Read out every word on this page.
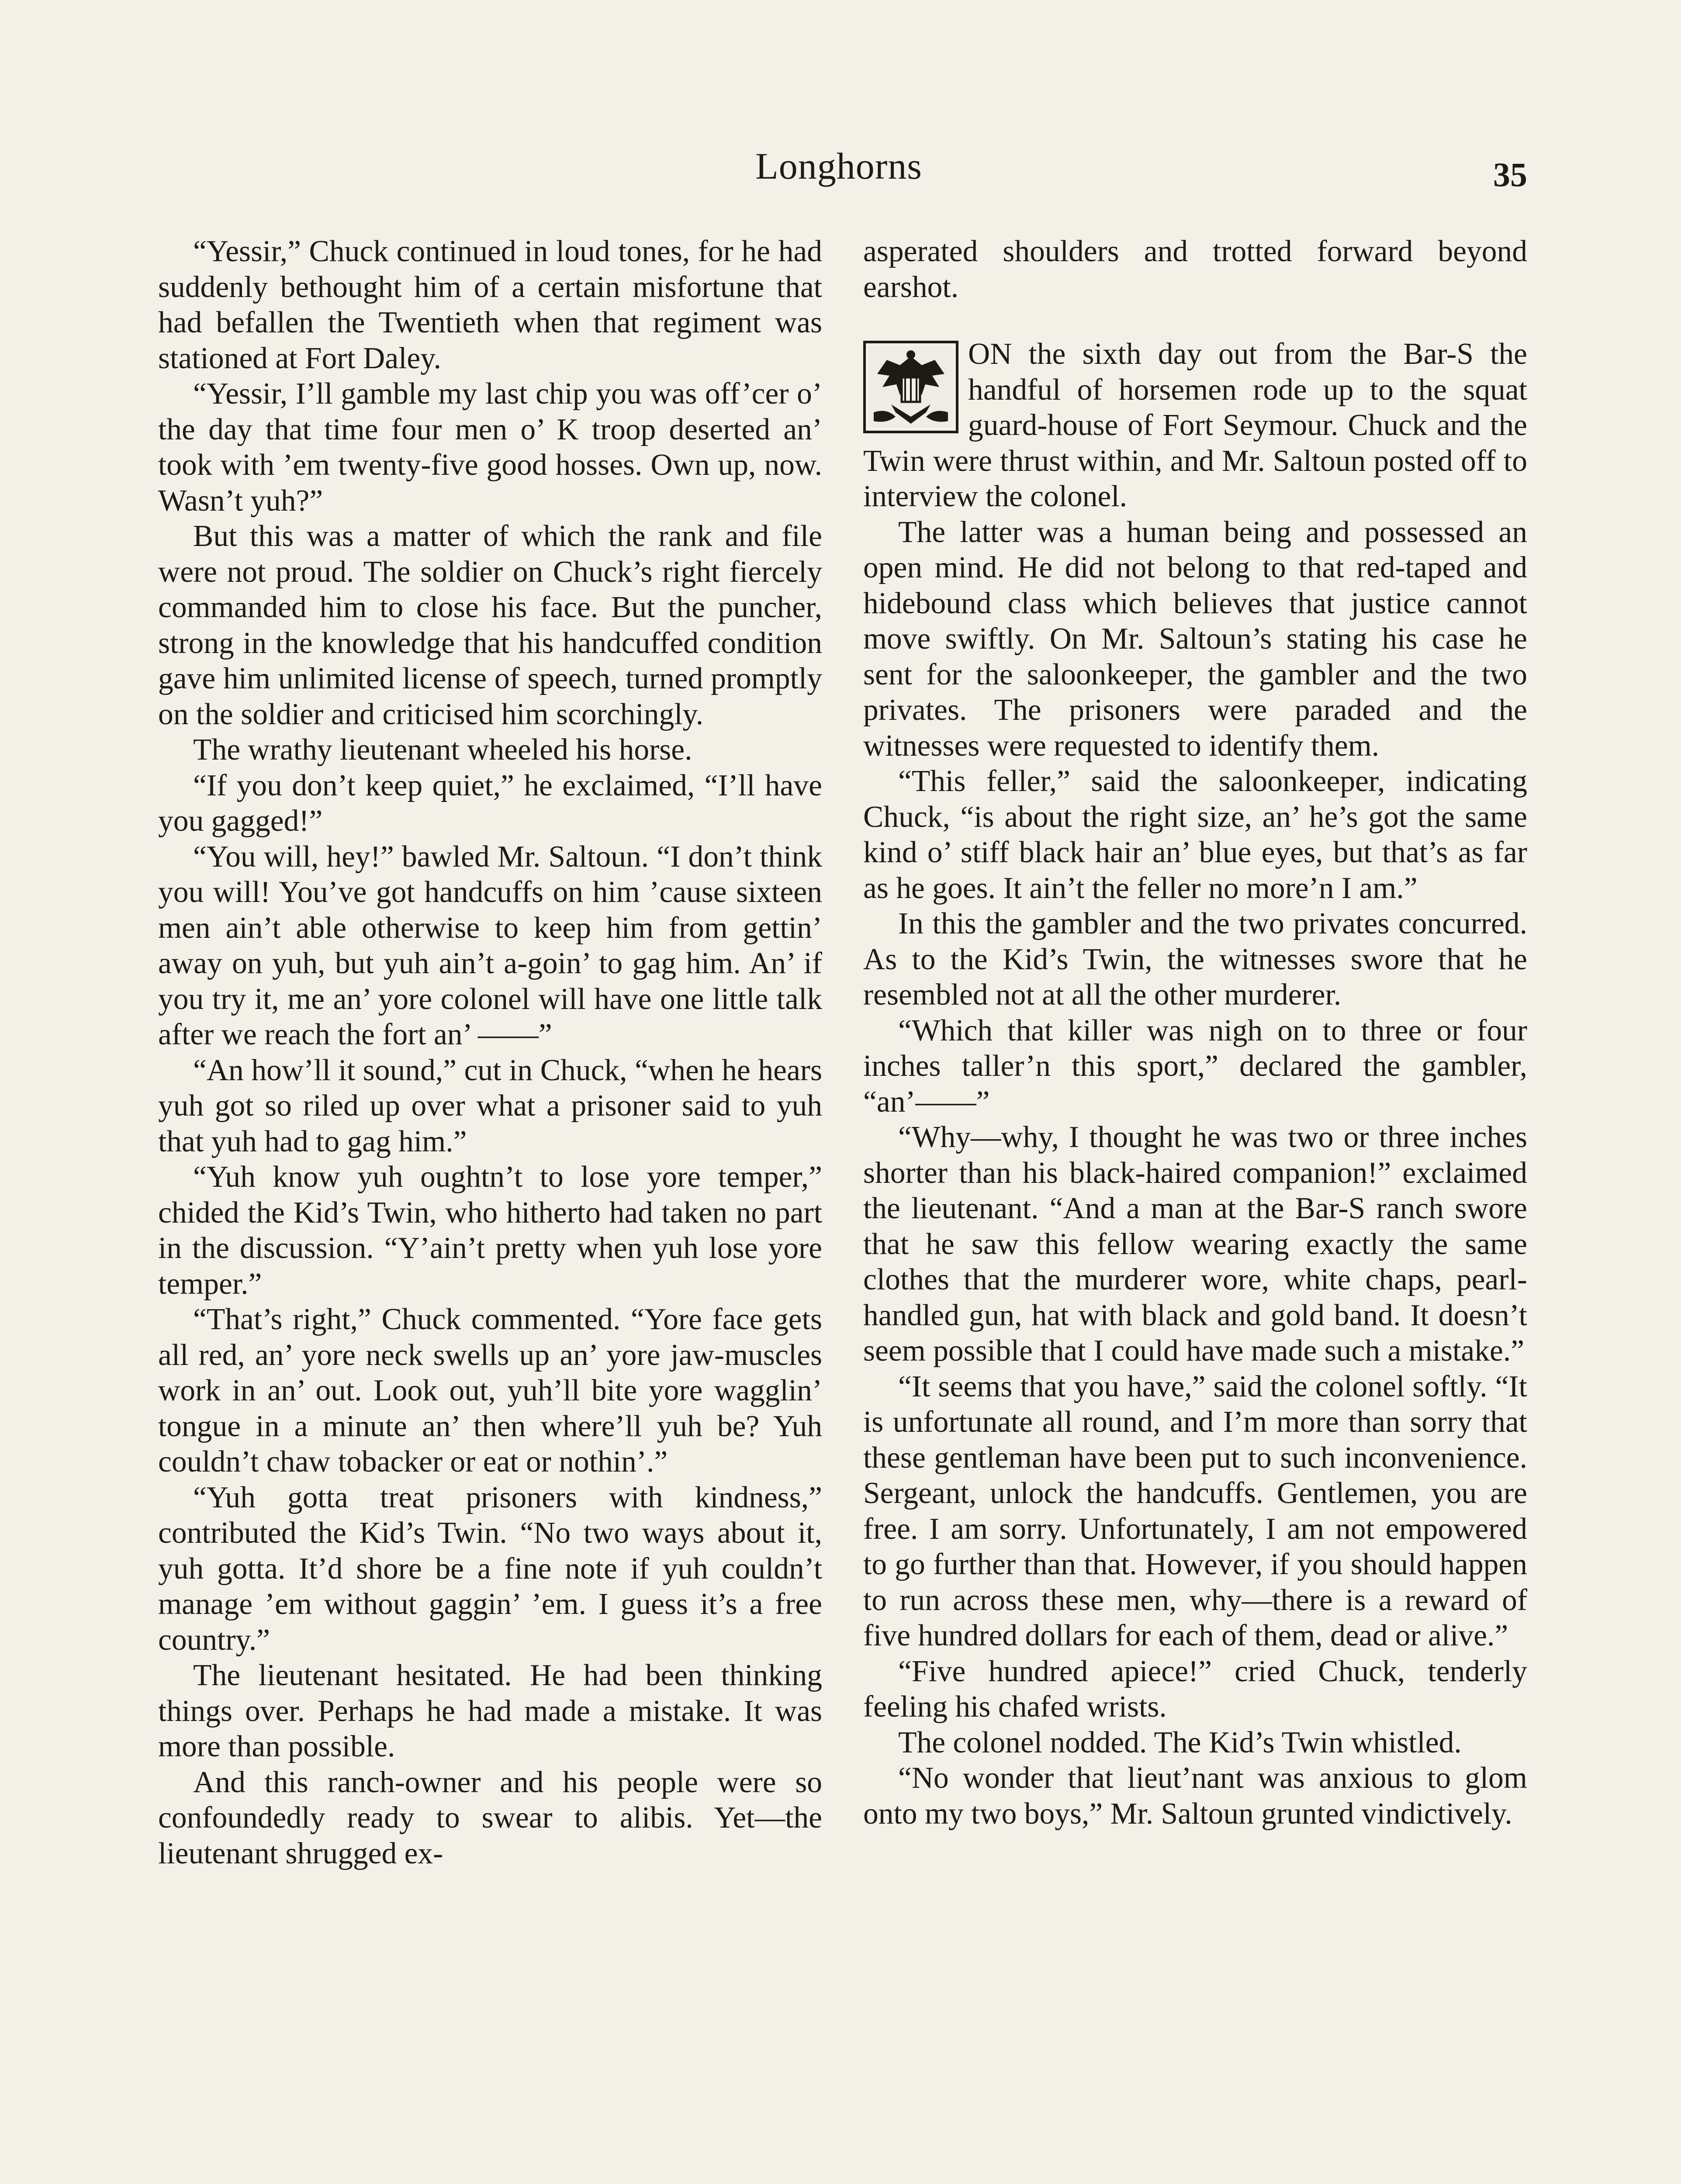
Longhorns	35

“Yessir,” Chuck continued in loud tones, for he had suddenly bethought him of a certain misfortune that had befallen the Twentieth when that regiment was stationed at Fort Daley.

“Yessir, I’ll gamble my last chip you was off’cer o’ the day that time four men o’ K troop deserted an’ took with ’em twenty-five good hosses. Own up, now. Wasn’t yuh?”

But this was a matter of which the rank and file were not proud. The soldier on Chuck’s right fiercely commanded him to close his face. But the puncher, strong in the knowledge that his handcuffed condition gave him unlimited license of speech, turned promptly on the soldier and criticised him scorchingly.

The wrathy lieutenant wheeled his horse.

“If you don’t keep quiet,” he exclaimed, “I’ll have you gagged!”

“You will, hey!” bawled Mr. Saltoun. “I don’t think you will! You’ve got handcuffs on him ’cause sixteen men ain’t able otherwise to keep him from gettin’ away on yuh, but yuh ain’t a-goin’ to gag him. An’ if you try it, me an’ yore colonel will have one little talk after we reach the fort an’ ——”

“An how’ll it sound,” cut in Chuck, “when he hears yuh got so riled up over what a prisoner said to yuh that yuh had to gag him.”

“Yuh know yuh oughtn’t to lose yore temper,” chided the Kid’s Twin, who hitherto had taken no part in the discussion. “Y’ain’t pretty when yuh lose yore temper.”

“That’s right,” Chuck commented. “Yore face gets all red, an’ yore neck swells up an’ yore jaw-muscles work in an’ out. Look out, yuh’ll bite yore wagglin’ tongue in a minute an’ then where’ll yuh be? Yuh couldn’t chaw tobacker or eat or nothin’.”

“Yuh gotta treat prisoners with kindness,” contributed the Kid’s Twin. “No two ways about it, yuh gotta. It’d shore be a fine note if yuh couldn’t manage ’em without gaggin’ ’em. I guess it’s a free country.”

The lieutenant hesitated. He had been thinking things over. Perhaps he had made a mistake. It was more than possible.

And this ranch-owner and his people were so confoundedly ready to swear to alibis. Yet—the lieutenant shrugged ex-

asperated shoulders and trotted forward beyond earshot.

ON the sixth day out from the Bar-S the handful of horsemen rode up to the squat guard-house of Fort Seymour. Chuck and the Twin were thrust within, and Mr. Saltoun posted off to interview the colonel.

The latter was a human being and possessed an open mind. He did not belong to that red-taped and hidebound class which believes that justice cannot move swiftly. On Mr. Saltoun’s stating his case he sent for the saloonkeeper, the gambler and the two privates. The prisoners were paraded and the witnesses were requested to identify them.

“This feller,” said the saloonkeeper, indicating Chuck, “is about the right size, an’ he’s got the same kind o’ stiff black hair an’ blue eyes, but that’s as far as he goes. It ain’t the feller no more’n I am.”

In this the gambler and the two privates concurred. As to the Kid’s Twin, the witnesses swore that he resembled not at all the other murderer.

“Which that killer was nigh on to three or four inches taller’n this sport,” declared the gambler, “an’——”

“Why—why, I thought he was two or three inches shorter than his black-haired companion!” exclaimed the lieutenant. “And a man at the Bar-S ranch swore that he saw this fellow wearing exactly the same clothes that the murderer wore, white chaps, pearl-handled gun, hat with black and gold band. It doesn’t seem possible that I could have made such a mistake.”

“It seems that you have,” said the colonel softly. “It is unfortunate all round, and I’m more than sorry that these gentleman have been put to such inconvenience. Sergeant, unlock the handcuffs. Gentlemen, you are free. I am sorry. Unfortunately, I am not empowered to go further than that. However, if you should happen to run across these men, why—there is a reward of five hundred dollars for each of them, dead or alive.”

“Five hundred apiece!” cried Chuck, tenderly feeling his chafed wrists.

The colonel nodded. The Kid’s Twin whistled.

“No wonder that lieut’nant was anxious to glom onto my two boys,” Mr. Saltoun grunted vindictively.
